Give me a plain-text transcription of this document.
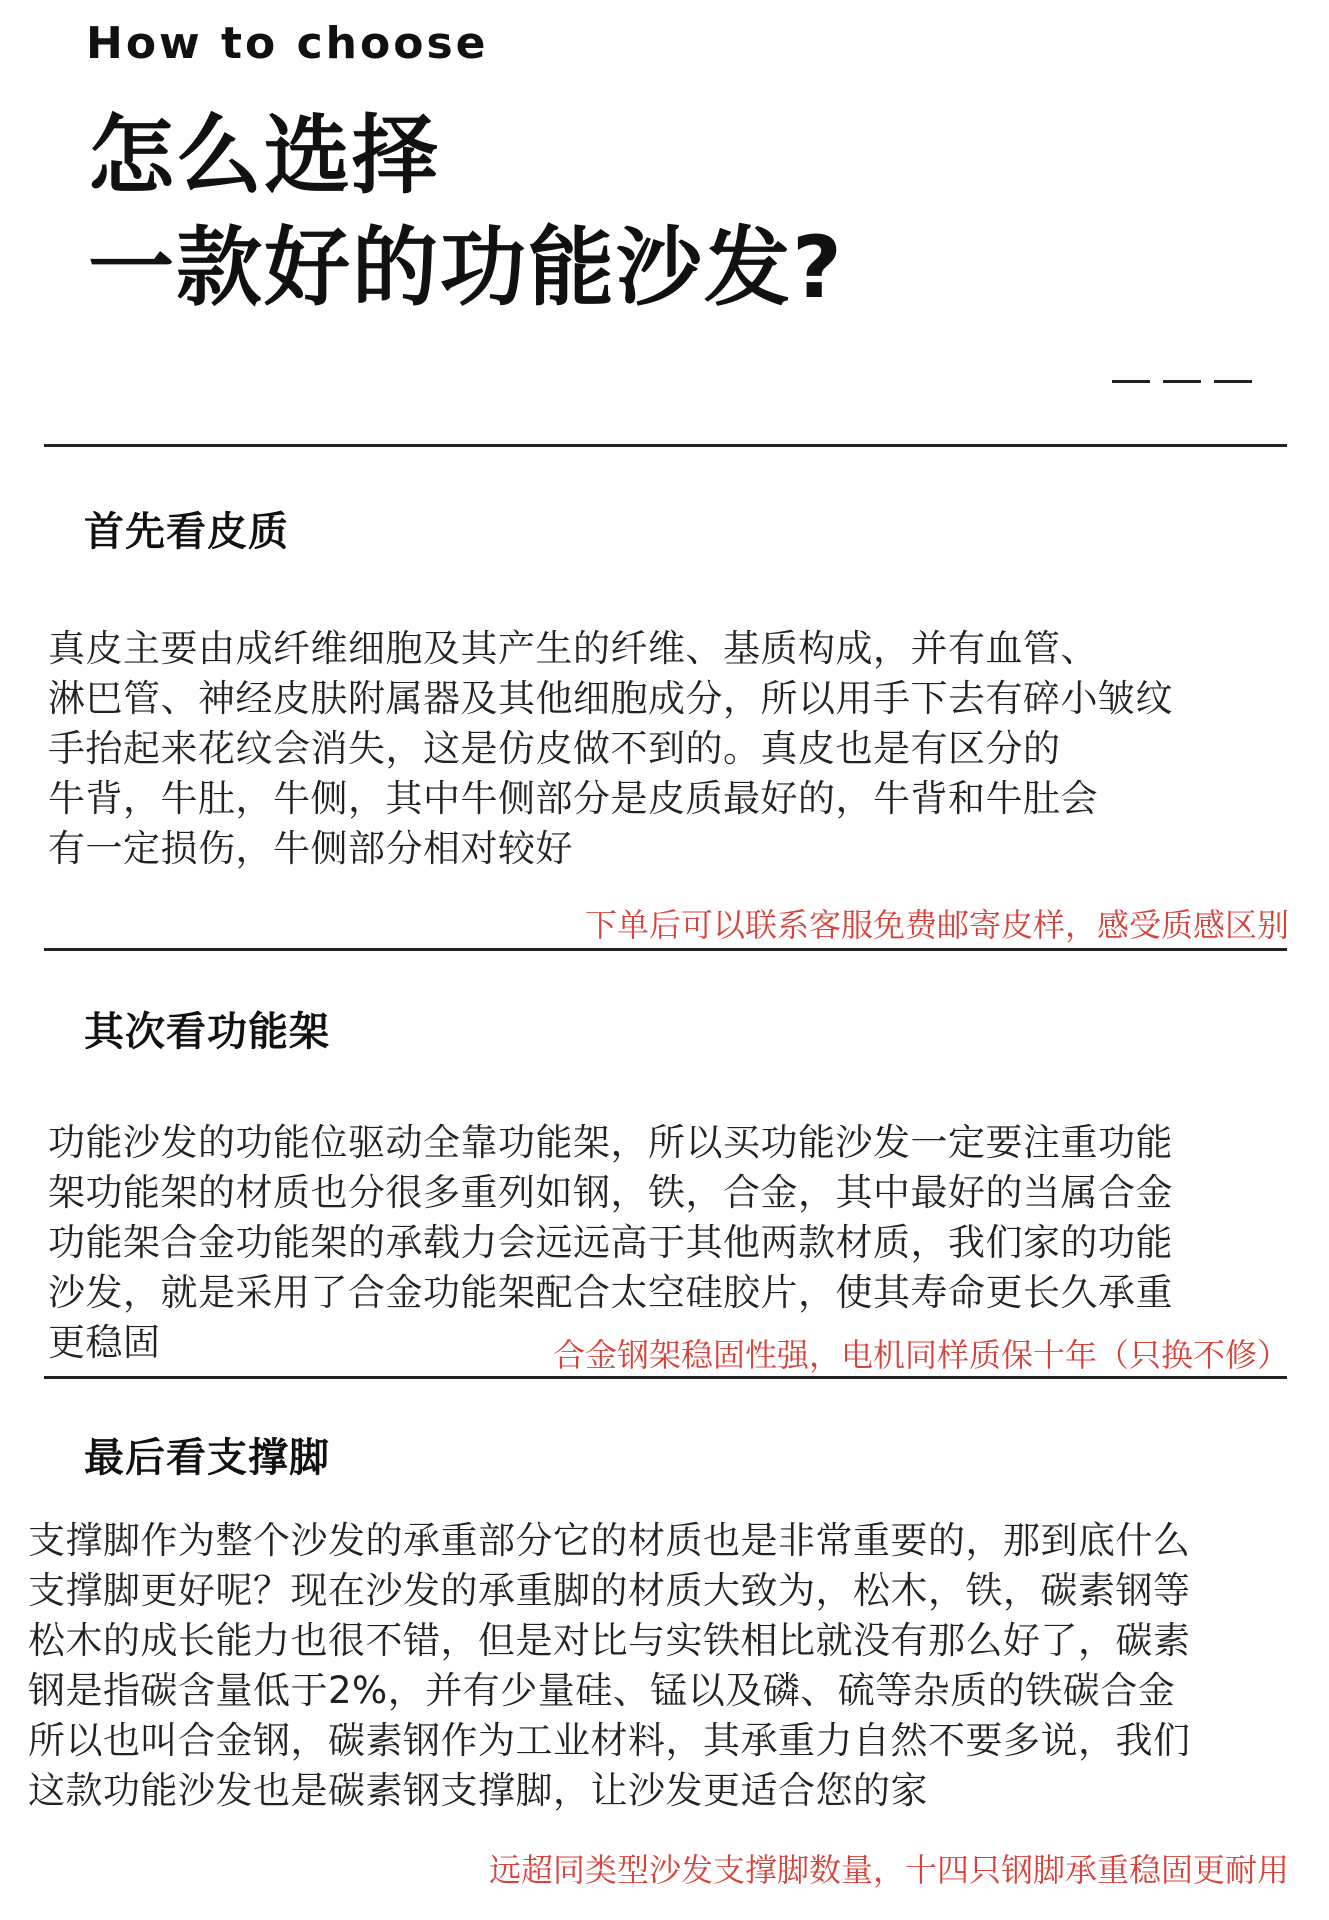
How to choose
怎么选择
一款好的功能沙发?
首先看皮质
真皮主要由成纤维细胞及其产生的纤维、基质构成，并有血管、
淋巴管、神经皮肤附属器及其他细胞成分，所以用手下去有碎小皱纹
手抬起来花纹会消失，这是仿皮做不到的。真皮也是有区分的
牛背，牛肚，牛侧，其中牛侧部分是皮质最好的，牛背和牛肚会
有一定损伤，牛侧部分相对较好
下单后可以联系客服免费邮寄皮样，感受质感区别
其次看功能架
功能沙发的功能位驱动全靠功能架，所以买功能沙发一定要注重功能
架功能架的材质也分很多重列如钢，铁，合金，其中最好的当属合金
功能架合金功能架的承载力会远远高于其他两款材质，我们家的功能
沙发，就是采用了合金功能架配合太空硅胶片，使其寿命更长久承重
更稳固	合金钢架稳固性强，电机同样质保十年（只换不修）
最后看支撑脚
支撑脚作为整个沙发的承重部分它的材质也是非常重要的，那到底什么
支撑脚更好呢？现在沙发的承重脚的材质大致为，松木，铁，碳素钢等
松木的成长能力也很不错，但是对比与实铁相比就没有那么好了，碳素
钢是指碳含量低于2%，并有少量硅、锰以及磷、硫等杂质的铁碳合金
所以也叫合金钢，碳素钢作为工业材料，其承重力自然不要多说，我们
这款功能沙发也是碳素钢支撑脚，让沙发更适合您的家
远超同类型沙发支撑脚数量，十四只钢脚承重稳固更耐用
